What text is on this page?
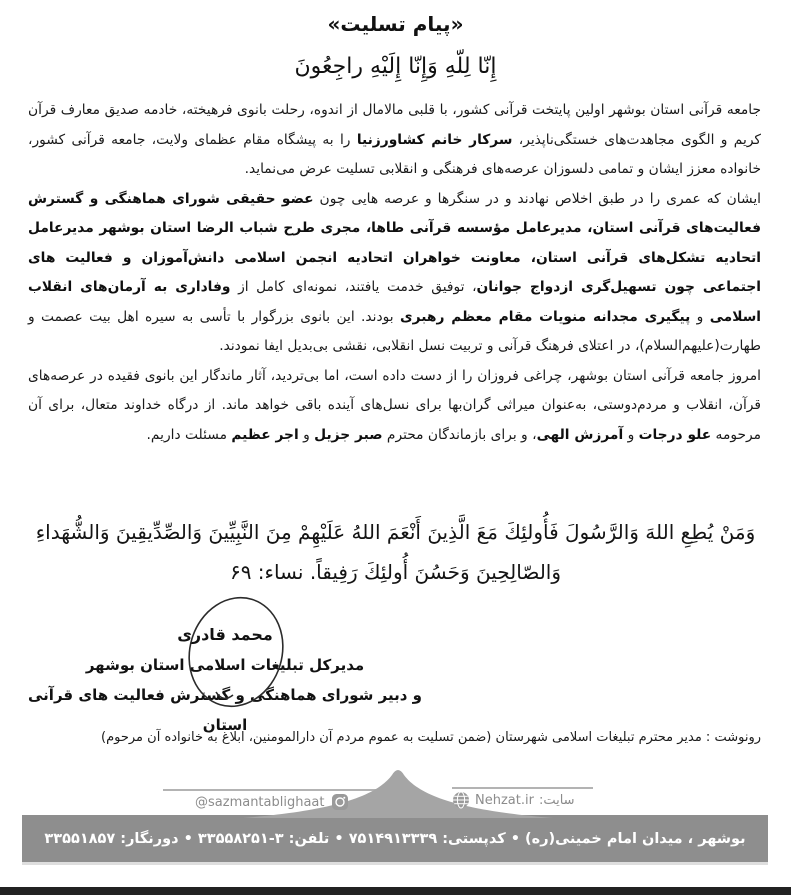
«پیام تسلیت»
إِنّا لِلّهِ وَإِنّا إِلَيْهِ راجِعُونَ

جامعه قرآنی استان بوشهر اولین پایتخت قرآنی کشور، با قلبی مالامال از اندوه، رحلت بانوی فرهیخته، خادمه صدیق معارف قرآن کریم و الگوی مجاهدت‌های خستگی‌ناپذیر، سرکار خانم کشاورزنیا را به پیشگاه مقام عظمای ولایت، جامعه قرآنی کشور، خانواده معزز ایشان و تمامی دلسوزان عرصه‌های فرهنگی و انقلابی تسلیت عرض می‌نماید.

ایشان که عمری را در طبق اخلاص نهادند و در سنگرها و عرصه هایی چون عضو حقیقی شورای هماهنگی و گسترش فعالیت‌های قرآنی استان، مدیرعامل مؤسسه قرآنی طاها، مجری طرح شباب الرضا استان بوشهر مدیرعامل اتحادیه تشکل‌های قرآنی استان، معاونت خواهران اتحادیه انجمن اسلامی دانش‌آموزان و فعالیت های اجتماعی چون تسهیل‌گری ازدواج جوانان، توفیق خدمت یافتند، نمونه‌ای کامل از وفاداری به آرمان‌های انقلاب اسلامی و پیگیری مجدانه منویات مقام معظم رهبری بودند. این بانوی بزرگوار با تأسی به سیره اهل بیت عصمت و طهارت(علیهم‌السلام)، در اعتلای فرهنگ قرآنی و تربیت نسل انقلابی، نقشی بی‌بدیل ایفا نمودند.

امروز جامعه قرآنی استان بوشهر، چراغی فروزان را از دست داده است، اما بی‌تردید، آثار ماندگار این بانوی فقیده در عرصه‌های قرآن، انقلاب و مردم‌دوستی، به‌عنوان میراثی گران‌بها برای نسل‌های آینده باقی خواهد ماند. از درگاه خداوند متعال، برای آن مرحومه علو درجات و آمرزش الهی، و برای بازماندگان محترم صبر جزیل و اجر عظیم مسئلت داریم.

وَمَنْ يُطِعِ اللهَ وَالرَّسُولَ فَأُولئِكَ مَعَ الَّذِينَ أَنْعَمَ اللهُ عَلَيْهِمْ مِنَ النَّبِيِّينَ وَالصِّدِّيقِينَ وَالشُّهَداءِ
وَالصّالِحِينَ وَحَسُنَ أُولئِكَ رَفِيقاً. نساء: ۶۹
محمد قادری
مدیرکل تبلیغات اسلامی استان بوشهر
و دبیر شورای هماهنگی و گسترش فعالیت های قرآنی استان
رونوشت : مدیر محترم تبلیغات اسلامی شهرستان (ضمن تسلیت به عموم مردم آن دارالمومنین، ابلاغ به خانواده آن مرحوم)
@sazmantablighaat	سایت:
Nehzat.ir
بوشهر ، میدان امام خمینی(ره) • کدپستی: ۷۵۱۴۹۱۳۳۳۹ • تلفن: ۳-۳۳۵۵۸۲۵۱ • دورنگار: ۳۳۵۵۱۸۵۷
